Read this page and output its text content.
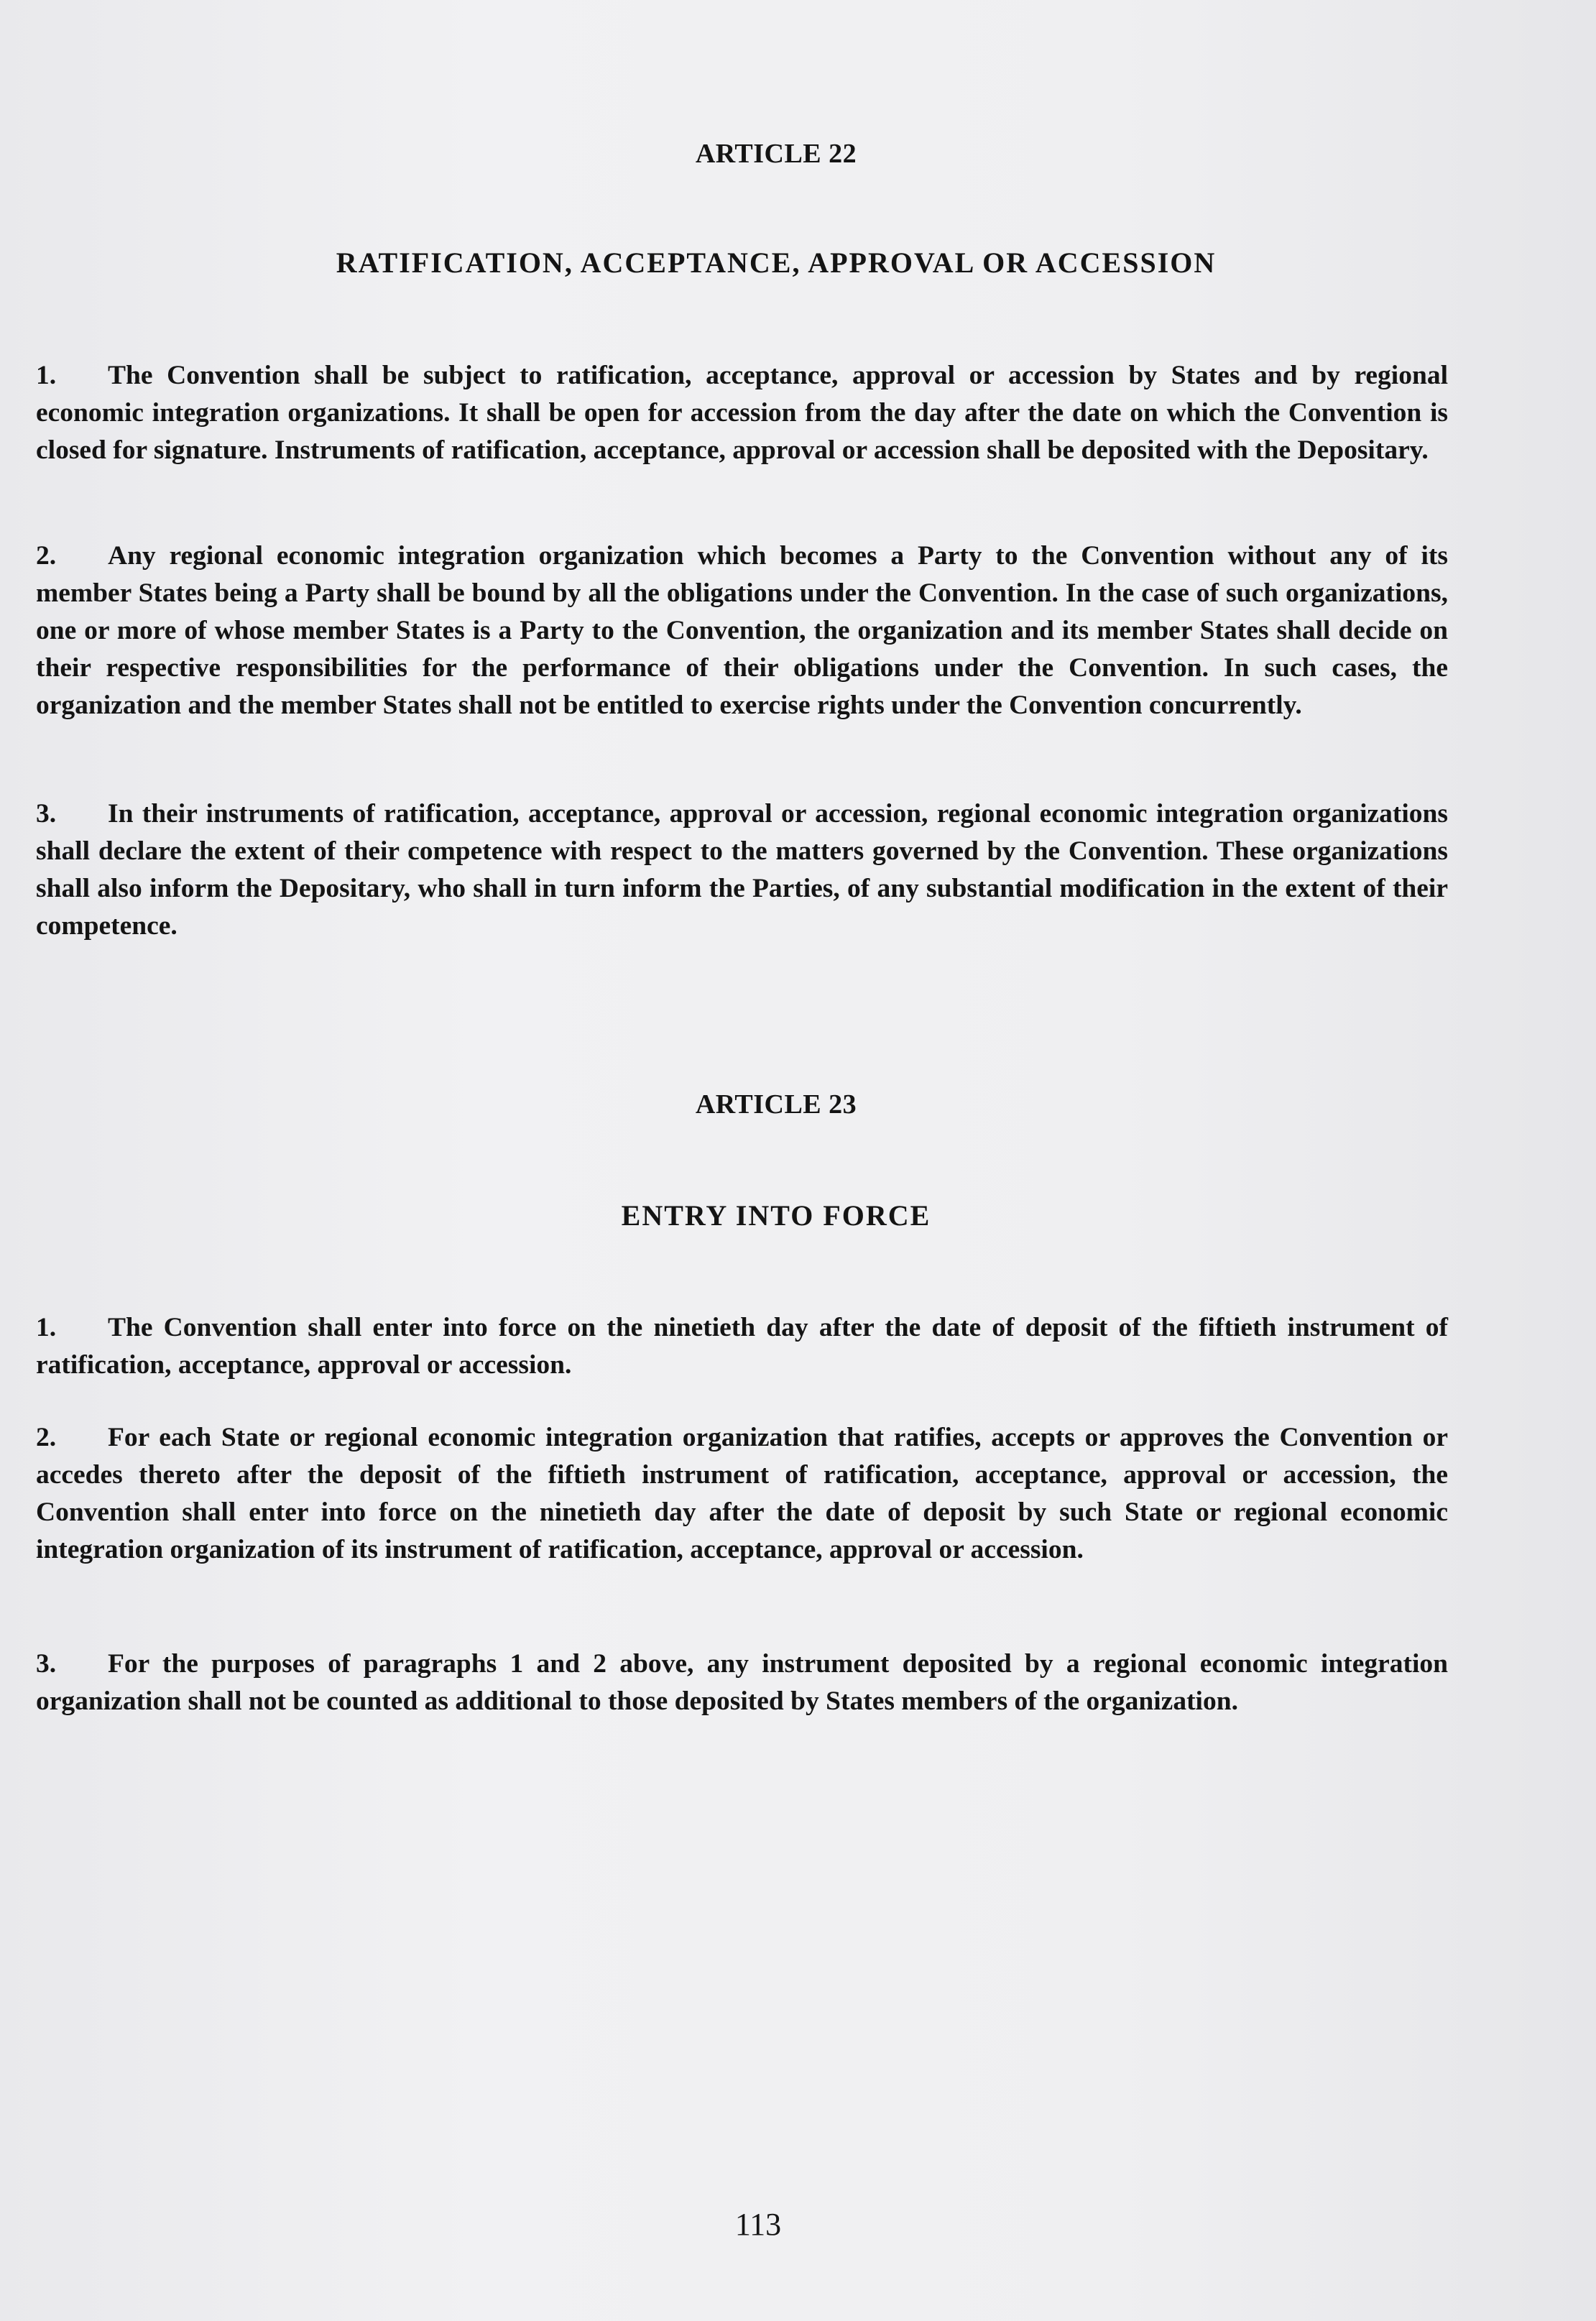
ARTICLE 22
RATIFICATION, ACCEPTANCE, APPROVAL OR ACCESSION
1. The Convention shall be subject to ratification, acceptance, approval or accession by States and by regional economic integration organizations. It shall be open for accession from the day after the date on which the Convention is closed for signature. Instruments of ratification, acceptance, approval or accession shall be deposited with the Depositary.
2. Any regional economic integration organization which becomes a Party to the Convention without any of its member States being a Party shall be bound by all the obligations under the Convention. In the case of such organizations, one or more of whose member States is a Party to the Convention, the organization and its member States shall decide on their respective responsibilities for the performance of their obligations under the Convention. In such cases, the organization and the member States shall not be entitled to exercise rights under the Convention concurrently.
3. In their instruments of ratification, acceptance, approval or accession, regional economic integration organizations shall declare the extent of their competence with respect to the matters governed by the Convention. These organizations shall also inform the Depositary, who shall in turn inform the Parties, of any substantial modification in the extent of their competence.
ARTICLE 23
ENTRY INTO FORCE
1. The Convention shall enter into force on the ninetieth day after the date of deposit of the fiftieth instrument of ratification, acceptance, approval or accession.
2. For each State or regional economic integration organization that ratifies, accepts or approves the Convention or accedes thereto after the deposit of the fiftieth instrument of ratification, acceptance, approval or accession, the Convention shall enter into force on the ninetieth day after the date of deposit by such State or regional economic integration organization of its instrument of ratification, acceptance, approval or accession.
3. For the purposes of paragraphs 1 and 2 above, any instrument deposited by a regional economic integration organization shall not be counted as additional to those deposited by States members of the organization.
113
